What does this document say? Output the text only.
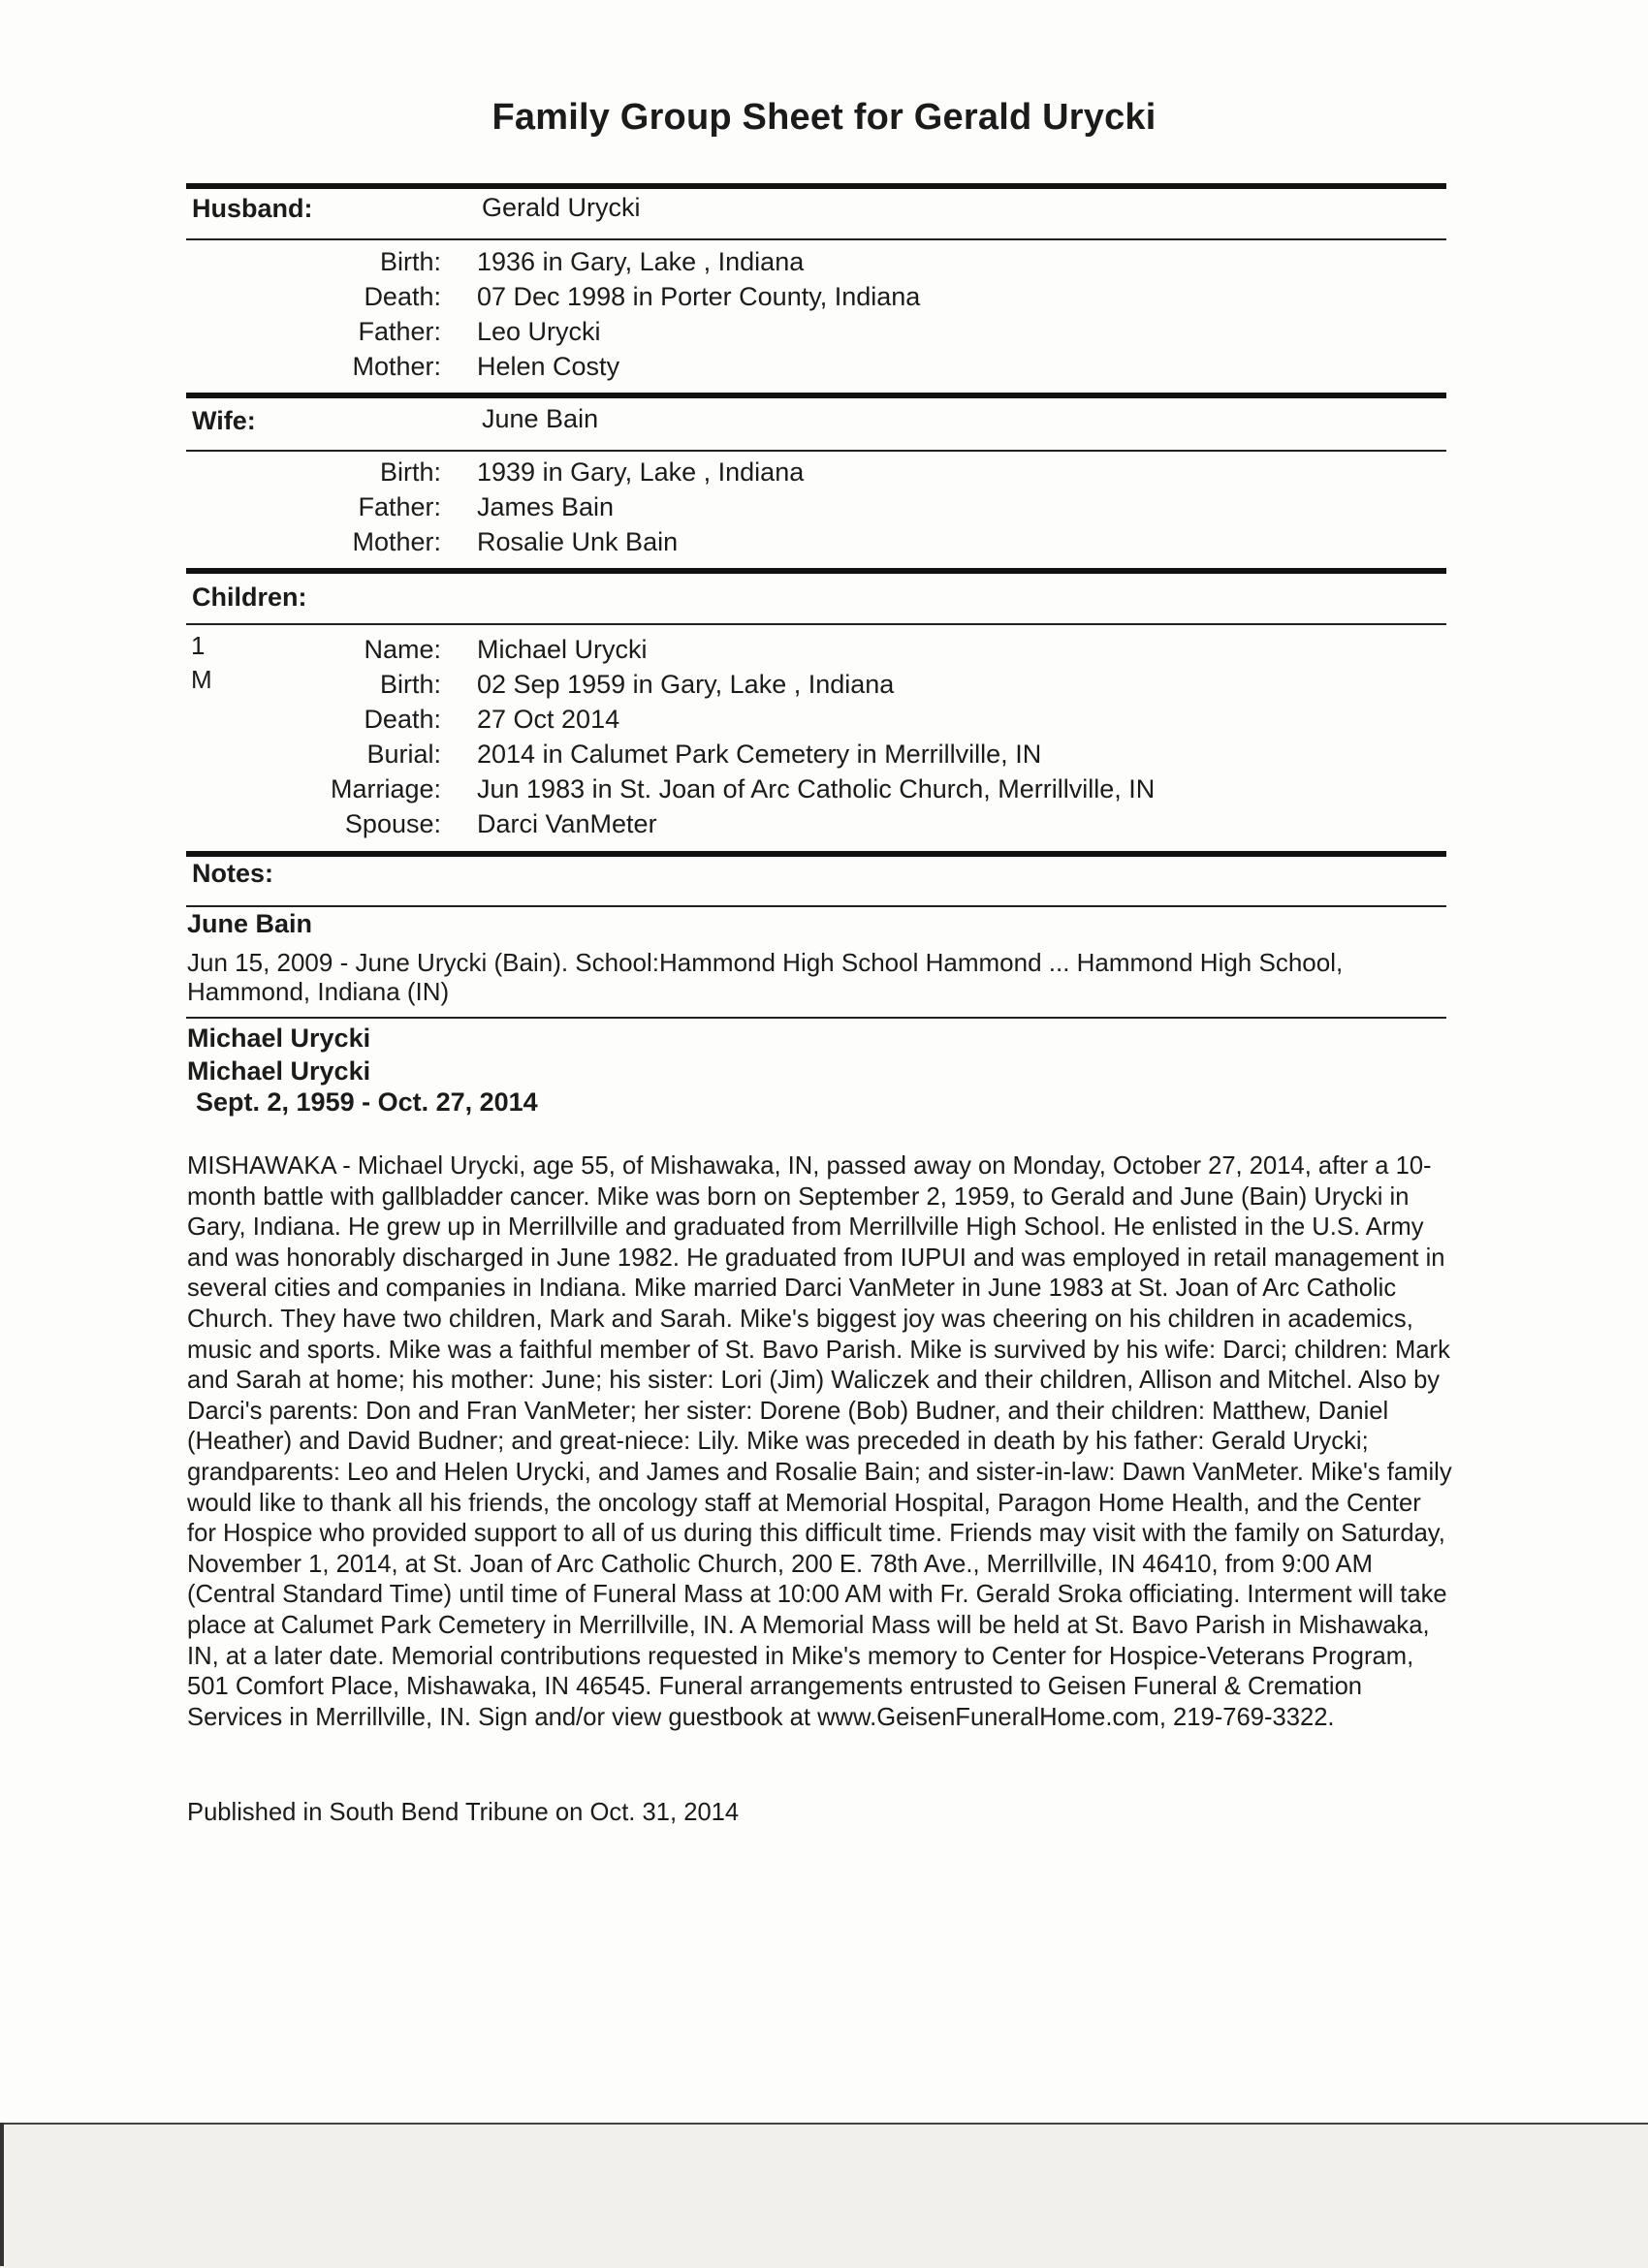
Family Group Sheet for Gerald Urycki
Husband:	Gerald Urycki
Birth: 1936 in Gary, Lake , Indiana
Death: 07 Dec 1998 in Porter County, Indiana
Father: Leo Urycki
Mother: Helen Costy
Wife:	June Bain
Birth: 1939 in Gary, Lake , Indiana
Father: James Bain
Mother: Rosalie Unk Bain
Children:
1
M
Name: Michael Urycki
Birth: 02 Sep 1959 in Gary, Lake , Indiana
Death: 27 Oct 2014
Burial: 2014 in Calumet Park Cemetery in Merrillville, IN
Marriage: Jun 1983 in St. Joan of Arc Catholic Church, Merrillville, IN
Spouse: Darci VanMeter
Notes:
June Bain
Jun 15, 2009 - June Urycki (Bain). School:Hammond High School Hammond ... Hammond High School, Hammond, Indiana (IN)
Michael Urycki
Michael Urycki
Sept. 2, 1959 - Oct. 27, 2014
MISHAWAKA - Michael Urycki, age 55, of Mishawaka, IN, passed away on Monday, October 27, 2014, after a 10-month battle with gallbladder cancer. Mike was born on September 2, 1959, to Gerald and June (Bain) Urycki in Gary, Indiana. He grew up in Merrillville and graduated from Merrillville High School. He enlisted in the U.S. Army and was honorably discharged in June 1982. He graduated from IUPUI and was employed in retail management in several cities and companies in Indiana. Mike married Darci VanMeter in June 1983 at St. Joan of Arc Catholic Church. They have two children, Mark and Sarah. Mike's biggest joy was cheering on his children in academics, music and sports. Mike was a faithful member of St. Bavo Parish. Mike is survived by his wife: Darci; children: Mark and Sarah at home; his mother: June; his sister: Lori (Jim) Waliczek and their children, Allison and Mitchel. Also by Darci's parents: Don and Fran VanMeter; her sister: Dorene (Bob) Budner, and their children: Matthew, Daniel (Heather) and David Budner; and great-niece: Lily. Mike was preceded in death by his father: Gerald Urycki; grandparents: Leo and Helen Urycki, and James and Rosalie Bain; and sister-in-law: Dawn VanMeter. Mike's family would like to thank all his friends, the oncology staff at Memorial Hospital, Paragon Home Health, and the Center for Hospice who provided support to all of us during this difficult time. Friends may visit with the family on Saturday, November 1, 2014, at St. Joan of Arc Catholic Church, 200 E. 78th Ave., Merrillville, IN 46410, from 9:00 AM (Central Standard Time) until time of Funeral Mass at 10:00 AM with Fr. Gerald Sroka officiating. Interment will take place at Calumet Park Cemetery in Merrillville, IN. A Memorial Mass will be held at St. Bavo Parish in Mishawaka, IN, at a later date. Memorial contributions requested in Mike's memory to Center for Hospice-Veterans Program, 501 Comfort Place, Mishawaka, IN 46545. Funeral arrangements entrusted to Geisen Funeral & Cremation Services in Merrillville, IN. Sign and/or view guestbook at www.GeisenFuneralHome.com, 219-769-3322.
Published in South Bend Tribune on Oct. 31, 2014
